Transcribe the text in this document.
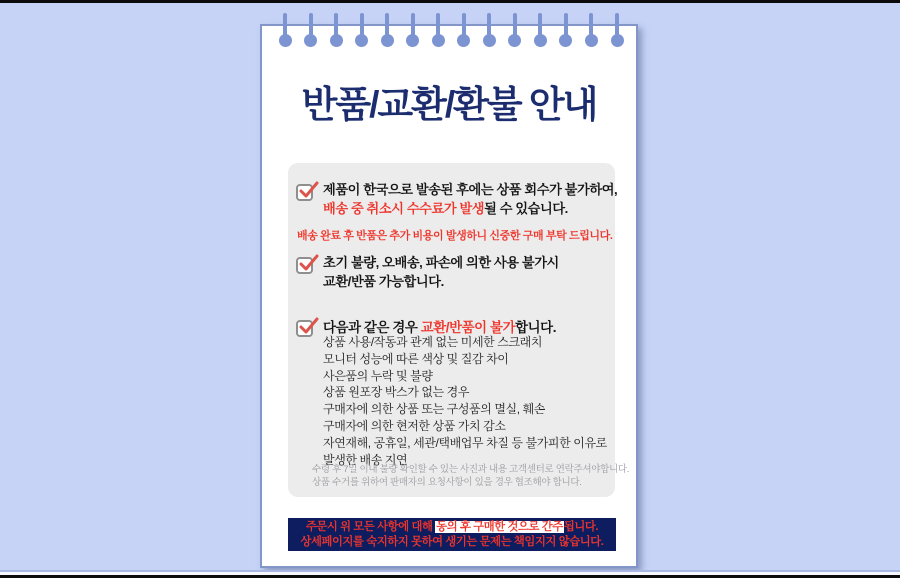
반품/교환/환불 안내
제품이 한국으로 발송된 후에는 상품 회수가 불가하여,
배송 중 취소시 수수료가 발생될 수 있습니다.
배송 완료 후 반품은 추가 비용이 발생하니 신중한 구매 부탁 드립니다.
초기 불량, 오배송, 파손에 의한 사용 불가시
교환/반품 가능합니다.
다음과 같은 경우 교환/반품이 불가합니다.
상품 사용/작동과 관계 없는 미세한 스크래치
모니터 성능에 따른 색상 및 질감 차이
사은품의 누락 및 불량
상품 원포장 박스가 없는 경우
구매자에 의한 상품 또는 구성품의 멸실, 훼손
구매자에 의한 현저한 상품 가치 감소
자연재해, 공휴일, 세관/택배업무 차질 등 불가피한 이유로
발생한 배송 지연
수령 후 7일 이내 불량 확인할 수 있는 사진과 내용 고객센터로 연락주셔야합니다.
상품 수거를 위하여 판매자의 요청사항이 있을 경우 협조해야 합니다.
주문시 위 모든 사항에 대해 동의 후 구매한 것으로 간주됩니다.
상세페이지를 숙지하지 못하여 생기는 문제는 책임지지 않습니다.
